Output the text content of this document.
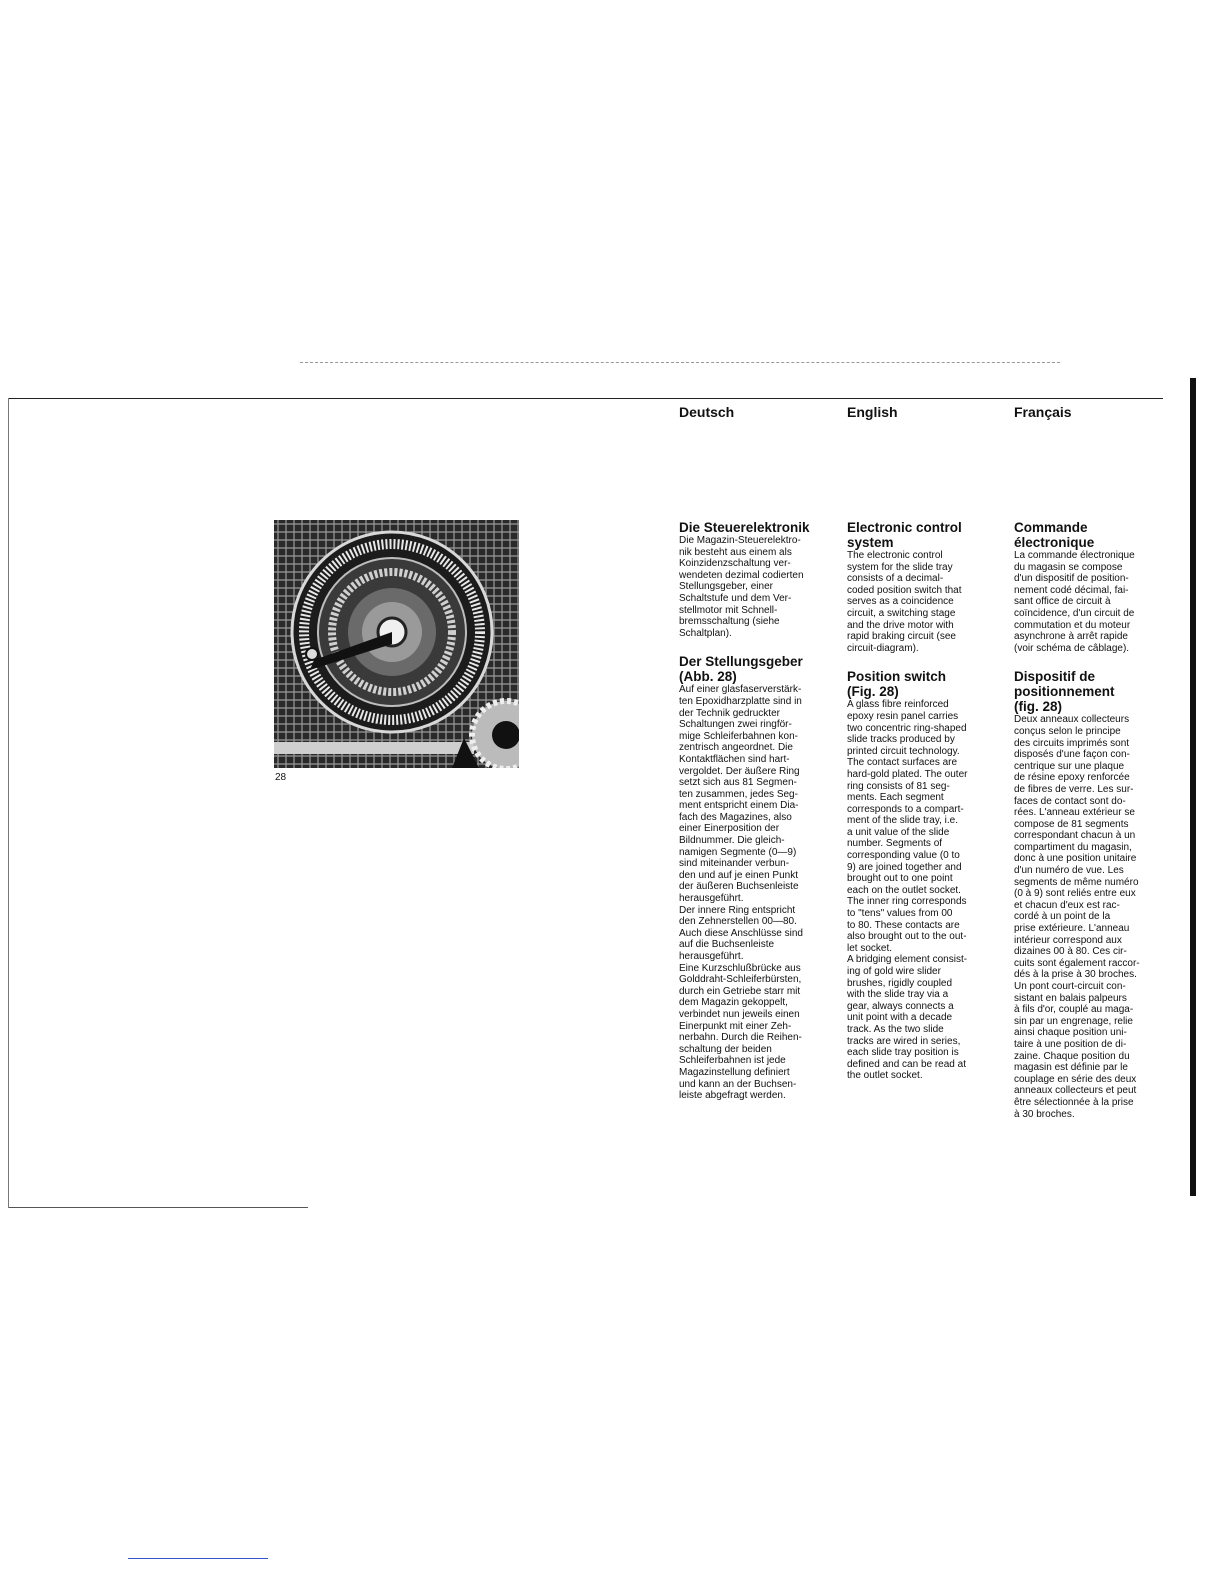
Deutsch	English	Français
28
Die Steuerelektronik

Die Magazin-Steuerelektro-
nik besteht aus einem als
Koinzidenzschaltung ver-
wendeten dezimal codierten
Stellungsgeber, einer
Schaltstufe und dem Ver-
stellmotor mit Schnell-
bremsschaltung (siehe
Schaltplan).

Der Stellungsgeber
(Abb. 28)

Auf einer glasfaserverstärk-
ten Epoxidharzplatte sind in
der Technik gedruckter
Schaltungen zwei ringför-
mige Schleiferbahnen kon-
zentrisch angeordnet. Die
Kontaktflächen sind hart-
vergoldet. Der äußere Ring
setzt sich aus 81 Segmen-
ten zusammen, jedes Seg-
ment entspricht einem Dia-
fach des Magazines, also
einer Einerposition der
Bildnummer. Die gleich-
namigen Segmente (0—9)
sind miteinander verbun-
den und auf je einen Punkt
der äußeren Buchsenleiste
herausgeführt.
Der innere Ring entspricht
den Zehnerstellen 00—80.
Auch diese Anschlüsse sind
auf die Buchsenleiste
herausgeführt.
Eine Kurzschlußbrücke aus
Golddraht-Schleiferbürsten,
durch ein Getriebe starr mit
dem Magazin gekoppelt,
verbindet nun jeweils einen
Einerpunkt mit einer Zeh-
nerbahn. Durch die Reihen-
schaltung der beiden
Schleiferbahnen ist jede
Magazinstellung definiert
und kann an der Buchsen-
leiste abgefragt werden.

Electronic control
system

The electronic control
system for the slide tray
consists of a decimal-
coded position switch that
serves as a coincidence
circuit, a switching stage
and the drive motor with
rapid braking circuit (see
circuit-diagram).

Position switch
(Fig. 28)

A glass fibre reinforced
epoxy resin panel carries
two concentric ring-shaped
slide tracks produced by
printed circuit technology.
The contact surfaces are
hard-gold plated. The outer
ring consists of 81 seg-
ments. Each segment
corresponds to a compart-
ment of the slide tray, i.e.
a unit value of the slide
number. Segments of
corresponding value (0 to
9) are joined together and
brought out to one point
each on the outlet socket.
The inner ring corresponds
to "tens" values from 00
to 80. These contacts are
also brought out to the out-
let socket.
A bridging element consist-
ing of gold wire slider
brushes, rigidly coupled
with the slide tray via a
gear, always connects a
unit point with a decade
track. As the two slide
tracks are wired in series,
each slide tray position is
defined and can be read at
the outlet socket.

Commande
électronique

La commande électronique
du magasin se compose
d'un dispositif de position-
nement codé décimal, fai-
sant office de circuit à
coïncidence, d'un circuit de
commutation et du moteur
asynchrone à arrêt rapide
(voir schéma de câblage).

Dispositif de
positionnement
(fig. 28)

Deux anneaux collecteurs
conçus selon le principe
des circuits imprimés sont
disposés d'une façon con-
centrique sur une plaque
de résine epoxy renforcée
de fibres de verre. Les sur-
faces de contact sont do-
rées. L'anneau extérieur se
compose de 81 segments
correspondant chacun à un
compartiment du magasin,
donc à une position unitaire
d'un numéro de vue. Les
segments de même numéro
(0 à 9) sont reliés entre eux
et chacun d'eux est rac-
cordé à un point de la
prise extérieure. L'anneau
intérieur correspond aux
dizaines 00 à 80. Ces cir-
cuits sont également raccor-
dés à la prise à 30 broches.
Un pont court-circuit con-
sistant en balais palpeurs
à fils d'or, couplé au maga-
sin par un engrenage, relie
ainsi chaque position uni-
taire à une position de di-
zaine. Chaque position du
magasin est définie par le
couplage en série des deux
anneaux collecteurs et peut
être sélectionnée à la prise
à 30 broches.
